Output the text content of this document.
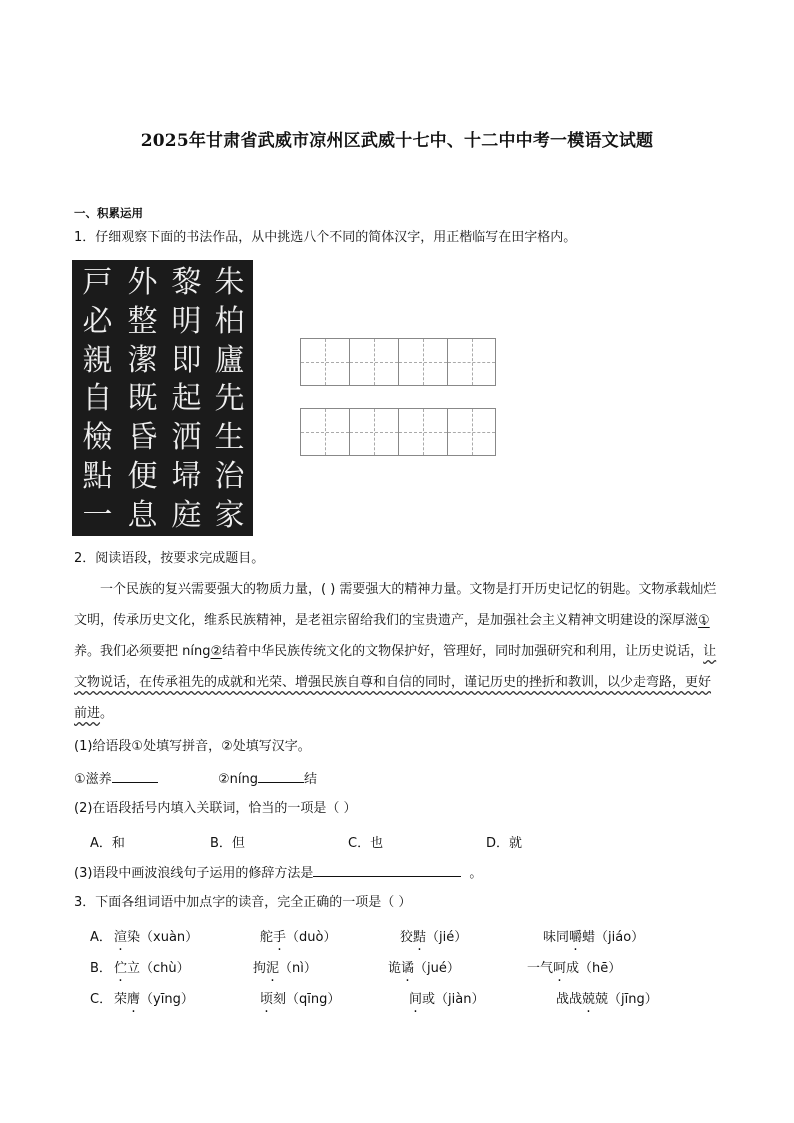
2025年甘肃省武威市凉州区武威十七中、十二中中考一模语文试题
一、积累运用
1．仔细观察下面的书法作品，从中挑选八个不同的简体汉字，用正楷临写在田字格内。
戸
必
親
自
檢
點
一
外
整
潔
既
昏
便
息
黎
明
即
起
洒
埽
庭
朱
柏
廬
先
生
治
家
2．阅读语段，按要求完成题目。
一个民族的复兴需要强大的物质力量，( ) 需要强大的精神力量。文物是打开历史记忆的钥匙。文物承载灿烂文明，传承历史文化，维系民族精神，是老祖宗留给我们的宝贵遗产，是加强社会主义精神文明建设的深厚滋 .①养。我们必须要把 níng②结着中华民族传统文化的文物保护好，管理好，同时加强研究和利用，让历史说话，让文物说话，在传承祖先的成就和光荣、增强民族自尊和自信的同时，谨记历史的挫折和教训，以少走弯路，更好前进。
(1)给语段①处填写拼音，②处填写汉字。
①滋养	②níng	结
(2)在语段括号内填入关联词，恰当的一项是（ ）
A．和	B．但	C．也	D．就
(3)语段中画波浪线句子运用的修辞方法是	。
3．下面各组词语中加点字的读音，完全正确的一项是（ ）
A． 渲染（xuàn）	舵手（duò）	狡黠（jié）	味同嚼蜡（jiáo）
B． 伫立（chù）	拘泥（nì）	诡谲（jué）	一气呵成（hē）
C． 荣膺（yīng）	顷刻（qīng）	间或（jiàn）	战战兢兢（jīng）
